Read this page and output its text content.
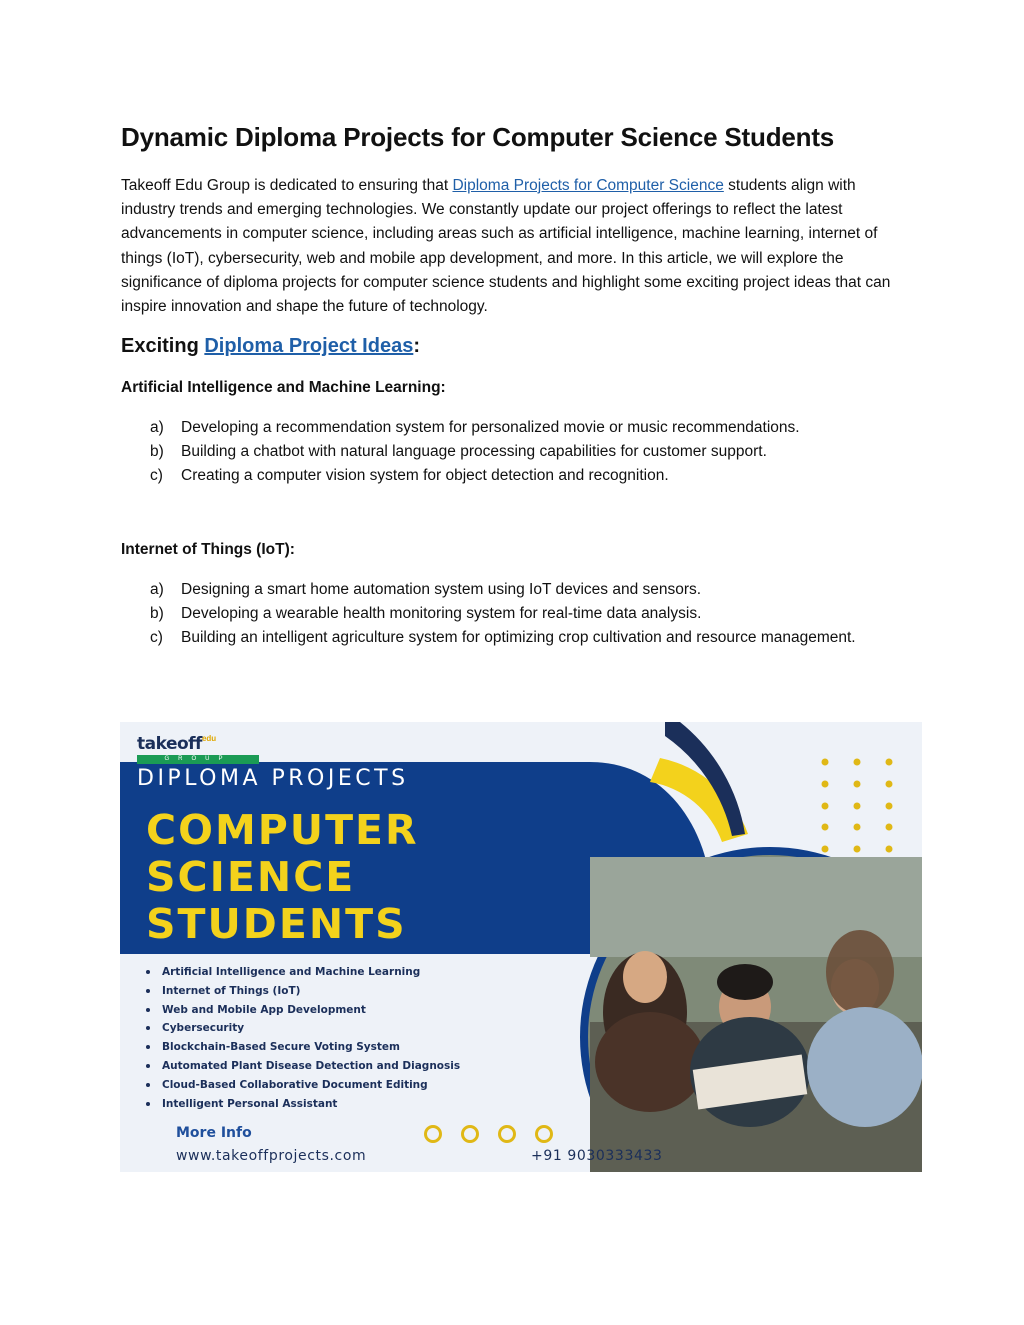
Dynamic Diploma Projects for Computer Science Students

Takeoff Edu Group is dedicated to ensuring that Diploma Projects for Computer Science students align with industry trends and emerging technologies. We constantly update our project offerings to reflect the latest advancements in computer science, including areas such as artificial intelligence, machine learning, internet of things (IoT), cybersecurity, web and mobile app development, and more. In this article, we will explore the significance of diploma projects for computer science students and highlight some exciting project ideas that can inspire innovation and shape the future of technology.

Exciting Diploma Project Ideas:
Artificial Intelligence and Machine Learning:
a) Developing a recommendation system for personalized movie or music recommendations.
b) Building a chatbot with natural language processing capabilities for customer support.
c) Creating a computer vision system for object detection and recognition.
Internet of Things (IoT):
a) Designing a smart home automation system using IoT devices and sensors.
b) Developing a wearable health monitoring system for real-time data analysis.
c) Building an intelligent agriculture system for optimizing crop cultivation and resource management.
takeoff$^{edu}$
GROUP
DIPLOMA PROJECTS
COMPUTER
SCIENCE
STUDENTS
Artificial Intelligence and Machine Learning
Internet of Things (IoT)
Web and Mobile App Development
Cybersecurity
Blockchain-Based Secure Voting System
Automated Plant Disease Detection and Diagnosis
Cloud-Based Collaborative Document Editing
Intelligent Personal Assistant
More Info
www.takeoffprojects.com	+91 9030333433
